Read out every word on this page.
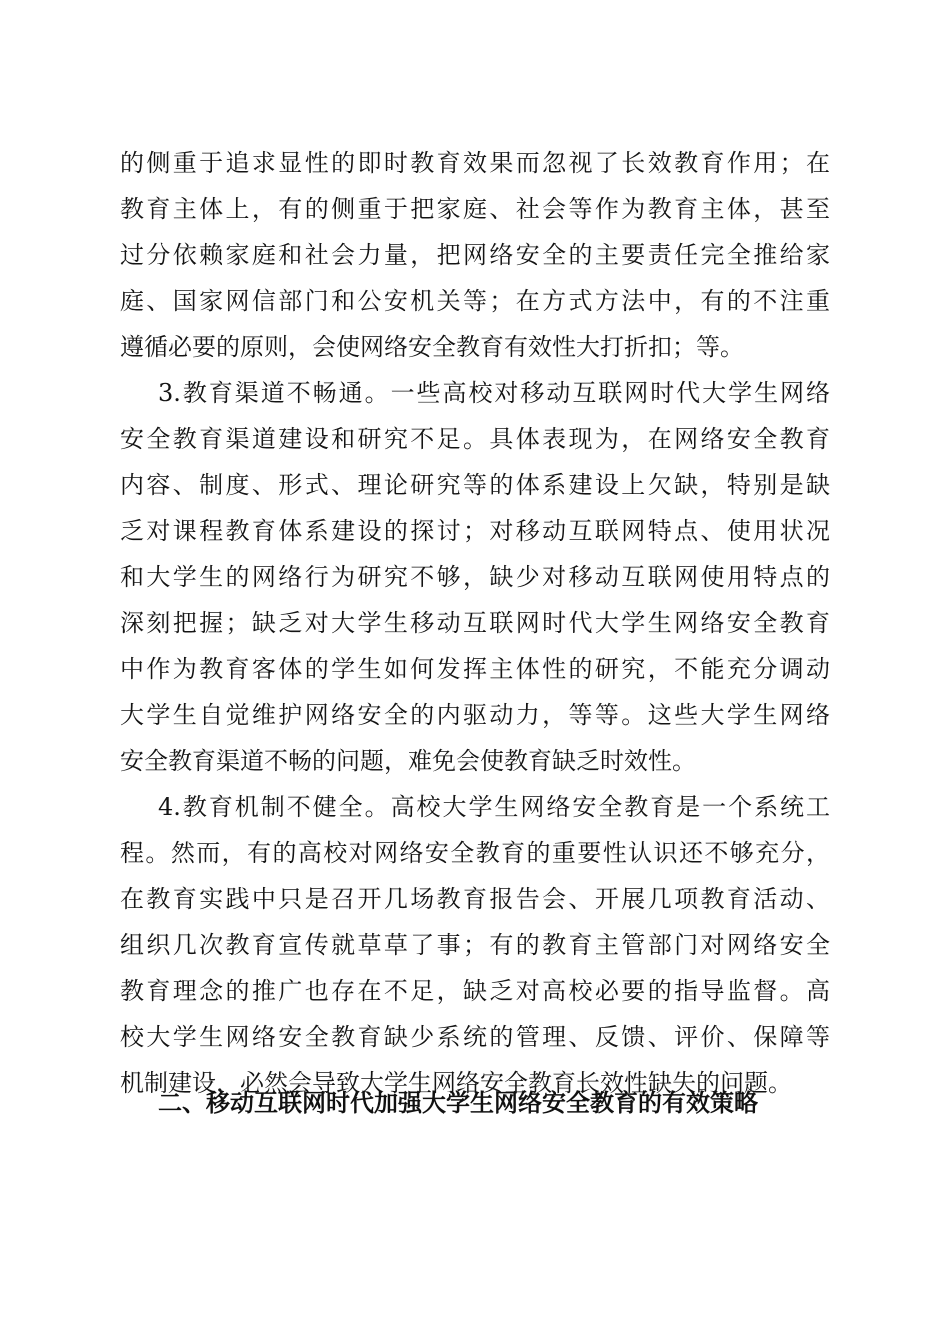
的侧重于追求显性的即时教育效果而忽视了长效教育作用；在
教育主体上，有的侧重于把家庭、社会等作为教育主体，甚至
过分依赖家庭和社会力量，把网络安全的主要责任完全推给家
庭、国家网信部门和公安机关等；在方式方法中，有的不注重
遵循必要的原则，会使网络安全教育有效性大打折扣；等。
3.教育渠道不畅通。一些高校对移动互联网时代大学生网络
安全教育渠道建设和研究不足。具体表现为，在网络安全教育
内容、制度、形式、理论研究等的体系建设上欠缺，特别是缺
乏对课程教育体系建设的探讨；对移动互联网特点、使用状况
和大学生的网络行为研究不够，缺少对移动互联网使用特点的
深刻把握；缺乏对大学生移动互联网时代大学生网络安全教育
中作为教育客体的学生如何发挥主体性的研究，不能充分调动
大学生自觉维护网络安全的内驱动力，等等。这些大学生网络
安全教育渠道不畅的问题，难免会使教育缺乏时效性。
4.教育机制不健全。高校大学生网络安全教育是一个系统工
程。然而，有的高校对网络安全教育的重要性认识还不够充分，
在教育实践中只是召开几场教育报告会、开展几项教育活动、
组织几次教育宣传就草草了事；有的教育主管部门对网络安全
教育理念的推广也存在不足，缺乏对高校必要的指导监督。高
校大学生网络安全教育缺少系统的管理、反馈、评价、保障等
机制建设，必然会导致大学生网络安全教育长效性缺失的问题。
二、移动互联网时代加强大学生网络安全教育的有效策略
